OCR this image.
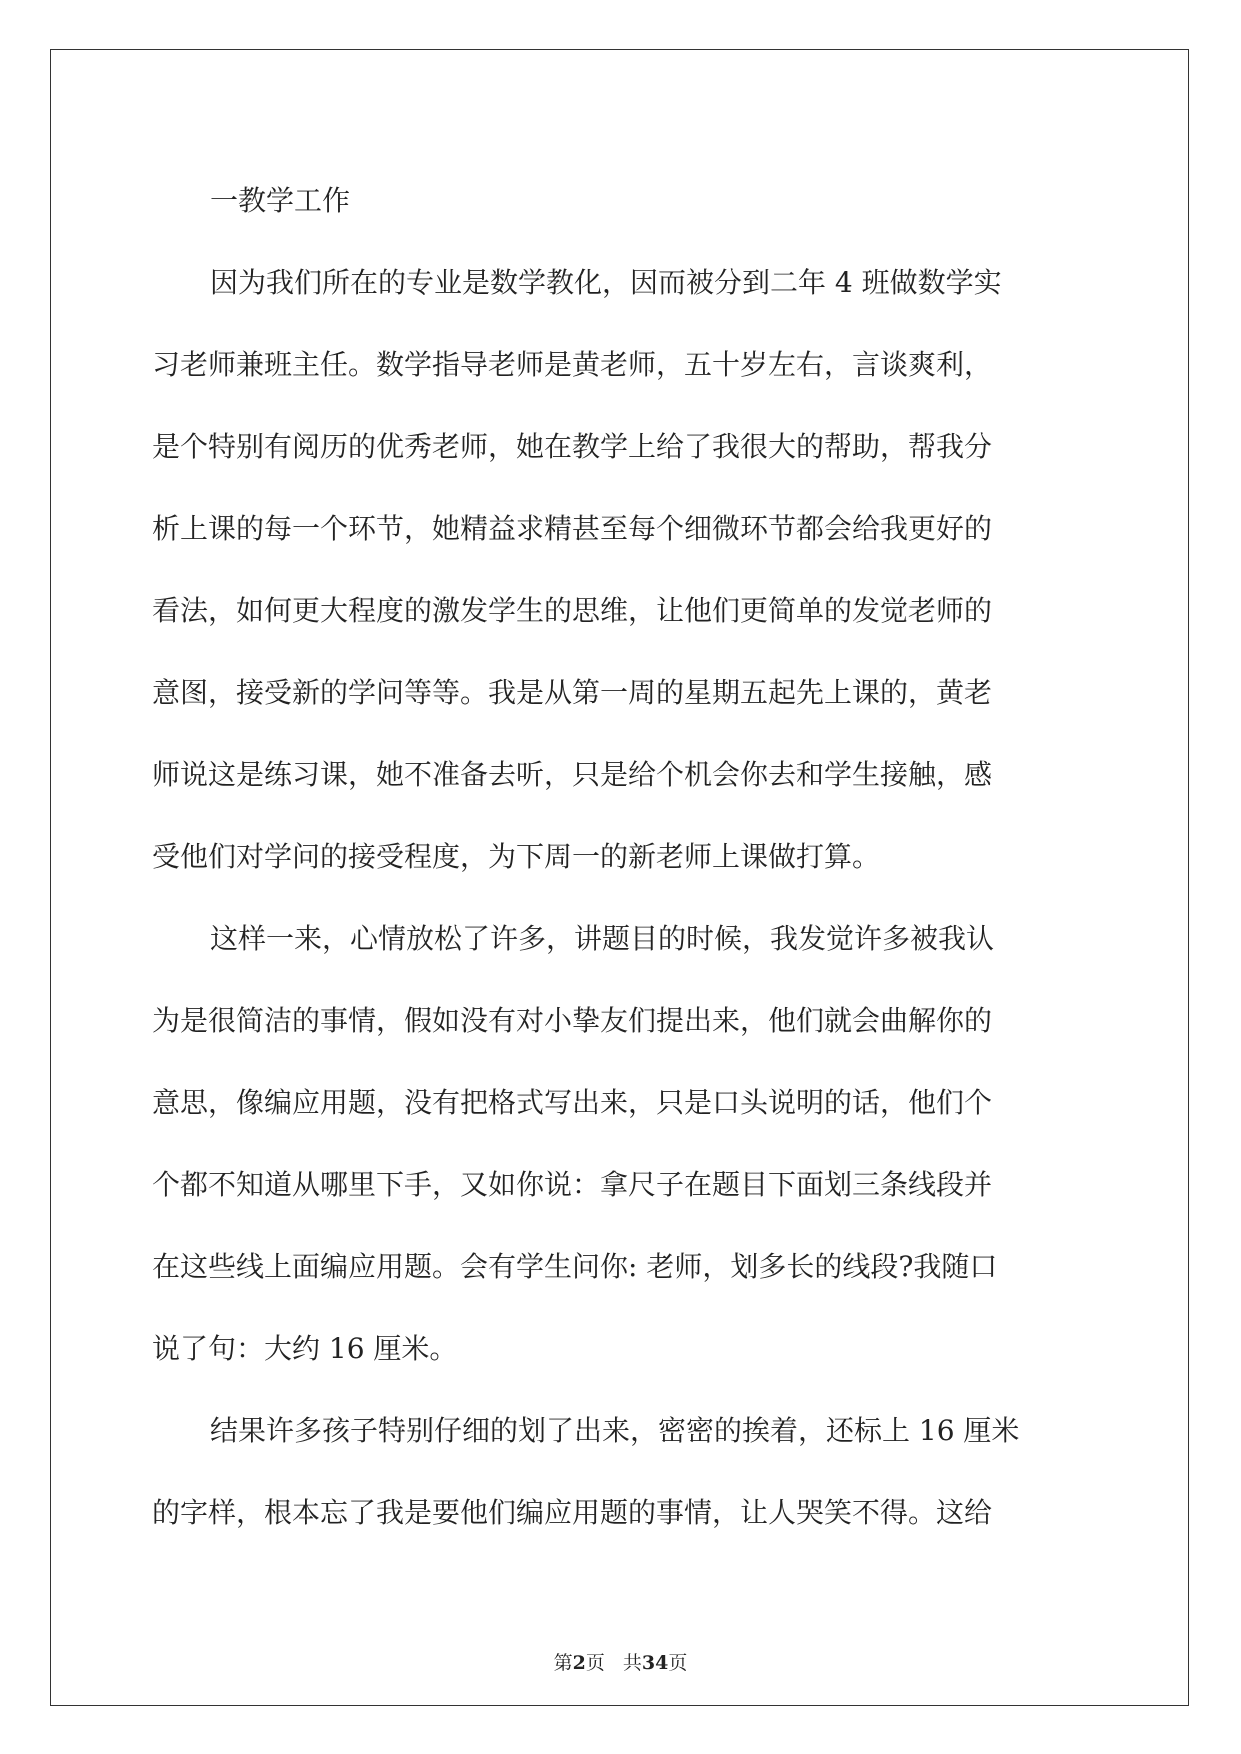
一教学工作

因为我们所在的专业是数学教化，因而被分到二年 4 班做数学实

习老师兼班主任。数学指导老师是黄老师，五十岁左右，言谈爽利，

是个特别有阅历的优秀老师，她在教学上给了我很大的帮助，帮我分

析上课的每一个环节，她精益求精甚至每个细微环节都会给我更好的

看法，如何更大程度的激发学生的思维，让他们更简单的发觉老师的

意图，接受新的学问等等。我是从第一周的星期五起先上课的，黄老

师说这是练习课，她不准备去听，只是给个机会你去和学生接触，感

受他们对学问的接受程度，为下周一的新老师上课做打算。

这样一来，心情放松了许多，讲题目的时候，我发觉许多被我认

为是很简洁的事情，假如没有对小挚友们提出来，他们就会曲解你的

意思，像编应用题，没有把格式写出来，只是口头说明的话，他们个

个都不知道从哪里下手，又如你说：拿尺子在题目下面划三条线段并

在这些线上面编应用题。会有学生问你: 老师，划多长的线段?我随口

说了句：大约 16 厘米。

结果许多孩子特别仔细的划了出来，密密的挨着，还标上 16 厘米

的字样，根本忘了我是要他们编应用题的事情，让人哭笑不得。这给

第2页 共34页
